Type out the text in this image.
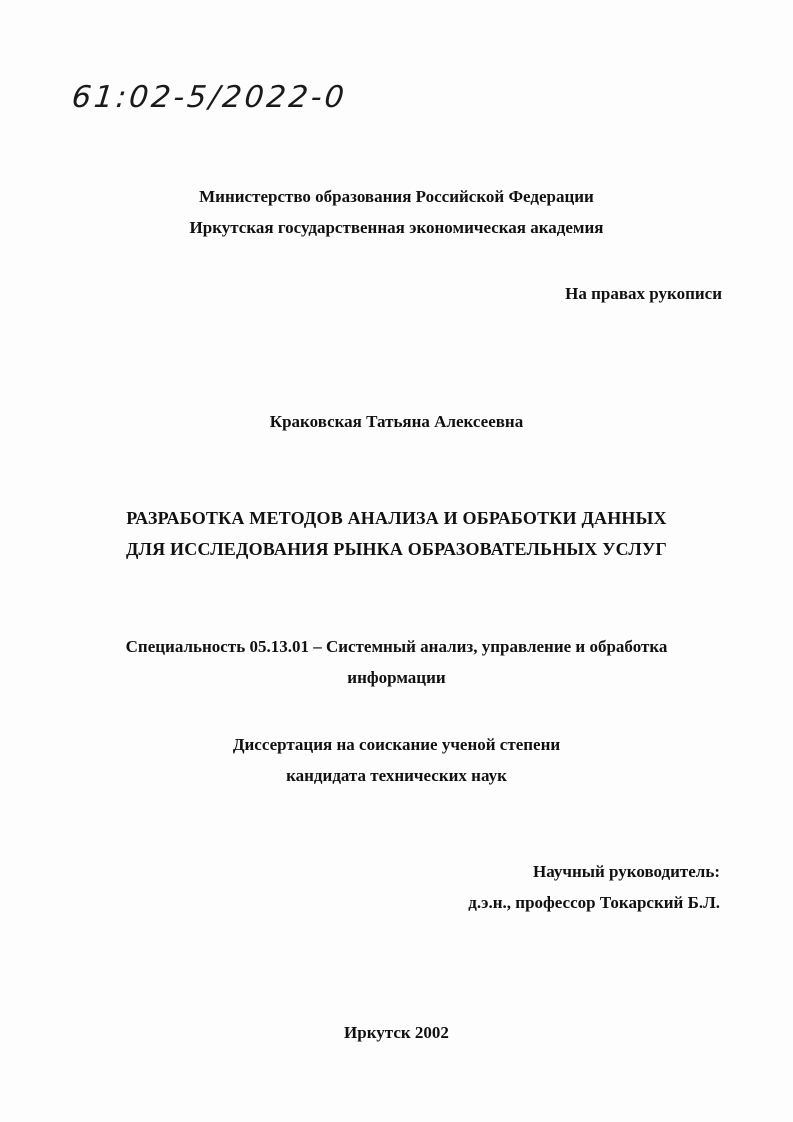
61:02-5/2022-0
Министерство образования Российской Федерации
Иркутская государственная экономическая академия
На правах рукописи
Краковская Татьяна Алексеевна
РАЗРАБОТКА МЕТОДОВ АНАЛИЗА И ОБРАБОТКИ ДАННЫХ
ДЛЯ ИССЛЕДОВАНИЯ РЫНКА ОБРАЗОВАТЕЛЬНЫХ УСЛУГ
Специальность 05.13.01 – Системный анализ, управление и обработка
информации
Диссертация на соискание ученой степени
кандидата технических наук
Научный руководитель:
д.э.н., профессор Токарский Б.Л.
Иркутск 2002
